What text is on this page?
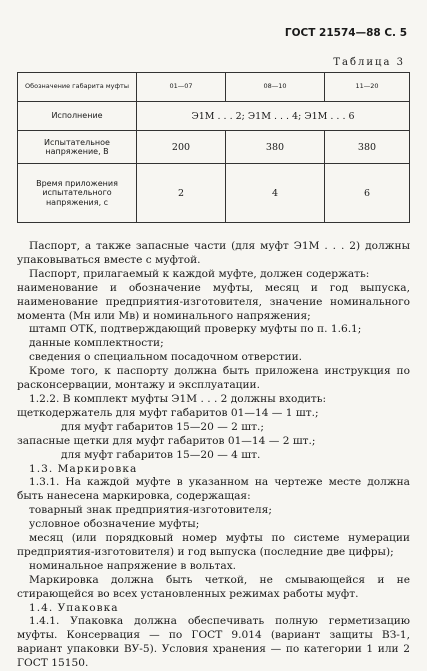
ГОСТ 21574—88 С. 5
Таблица 3
Обозначение габарита муфты	01—07	08—10	11—20
Исполнение	Э1М . . . 2; Э1М . . . 4; Э1М . . . 6		
Испытательное напряжение, В	200	380	380
Время приложения испытательного напряжения, с	2	4	6

Паспорт, а также запасные части (для муфт Э1М . . . 2) должны упаковываться вместе с муфтой.

Паспорт, прилагаемый к каждой муфте, должен содержать:

наименование и обозначение муфты, месяц и год выпуска, наименование предприятия-изготовителя, значение номинального момента (Mн или Mв) и номинального напряжения;

штамп ОТК, подтверждающий проверку муфты по п. 1.6.1;

данные комплектности;

сведения о специальном посадочном отверстии.

Кроме того, к паспорту должна быть приложена инструкция по расконсервации, монтажу и эксплуатации.

1.2.2. В комплект муфты Э1М . . . 2 должны входить:

щеткодержатель для муфт габаритов 01—14 — 1 шт.;

для муфт габаритов 15—20 — 2 шт.;

запасные щетки для муфт габаритов 01—14 — 2 шт.;

для муфт габаритов 15—20 — 4 шт.

1.3. Маркировка

1.3.1. На каждой муфте в указанном на чертеже месте должна быть нанесена маркировка, содержащая:

товарный знак предприятия-изготовителя;

условное обозначение муфты;

месяц (или порядковый номер муфты по системе нумерации предприятия-изготовителя) и год выпуска (последние две цифры);

номинальное напряжение в вольтах.

Маркировка должна быть четкой, не смывающейся и не стирающейся во всех установленных режимах работы муфт.

1.4. Упаковка

1.4.1. Упаковка должна обеспечивать полную герметизацию муфты. Консервация — по ГОСТ 9.014 (вариант защиты ВЗ-1, вариант упаковки ВУ-5). Условия хранения — по категории 1 или 2 ГОСТ 15150.
